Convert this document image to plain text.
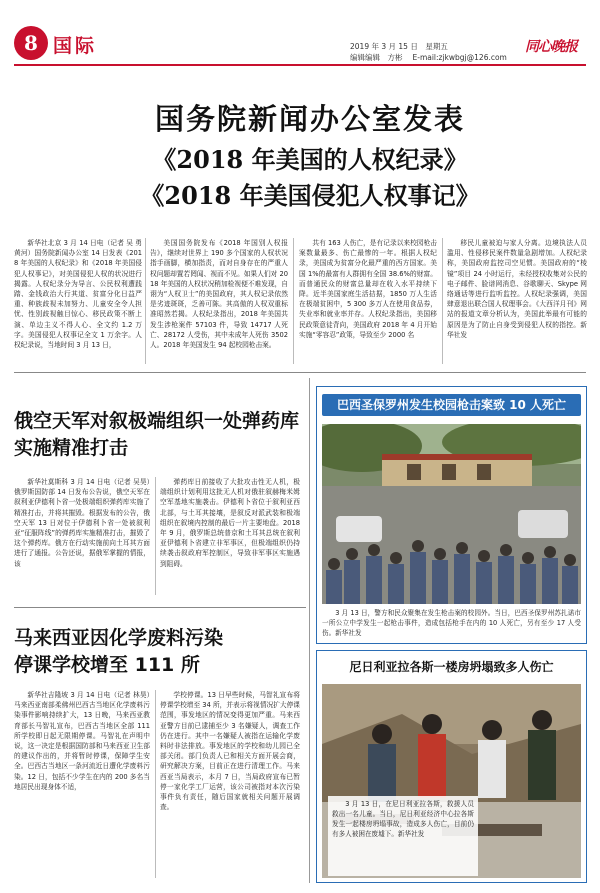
8 国际	2019 年 3 月 15 日　星期五
编辑编辑　方彬 E-mail:zjkwbgj@126.com
同心晚报
国务院新闻办公室发表
《2018 年美国的人权纪录》
《2018 年美国侵犯人权事记》

新华社北京 3 月 14 日电（记者 吴 勇 黄河）国务院新闻办公室 14 日发表《2018 年美国的人权纪录》和《2018 年美国侵犯人权事记》，对美国侵犯人权的状况进行揭露。人权纪录分为导言、公民权利遭践踏、金钱政治大行其道、贫富分化日益严重、种族歧视未加努力、儿童安全令人担忧、性别歧视触目惊心、移民政策不断上演、单边主义不得人心、全文约 1.2 万字。美国侵犯人权事记全文 1 万余字。人权纪录说，当地时间 3 月 13 日，

美国国务院发布《2018 年国别人权报告》，继续对世界上 190 多个国家的人权状况指手画脚，横加指责，而对自身存在的严重人权问题却置若罔闻、视而不见。如果人们对 2018 年美国的人权状况稍加检视便不难发现，自诩为“人权卫士”的美国政府，其人权记录依然是劣迹斑斑，乏善可陈。其高傲的人权双重标准昭然若揭。人权纪录指出，2018 年美国共发生涉枪案件 57103 件，导致 14717 人死亡、28172 人受伤，其中未成年人死伤 3502 人。2018 年美国发生 94 起校园枪击案。

共有 163 人伤亡，是有记录以来校园枪击案数量最多、伤亡最惨的一年。根据人权纪录，美国成为贫富分化最严重的西方国家。美国 1%的最富有人群拥有全国 38.6%的财富。而普通民众的财富总量却在收入水平持续下降。近半美国家庭生活拮据，1850 万人生活在极端贫困中，5 300 多万人在使用食品券，失业率和就业率并存。人权纪录指出，美国移民政策意徒背向，美国政府 2018 年 4 月开始实施“零容忍”政策，导致至少 2000 名

移民儿童被迫与家人分离。边境执法人员滥用、性侵移民案件数量急剧增加。人权纪录称，美国政府监控司空见惯。美国政府的“棱镜”项目 24 小时运行，未经授权收集对公民的电子邮件、脸谱网消息、谷歌聊天、Skype 网络通话等进行监听监控。人权纪录强调，美国肆意退出联合国人权理事会。《大西洋月刊》网站的报道文章分析认为，美国此举最有可能的原因是为了防止自身受到侵犯人权的指控。新华社发

俄空天军对叙极端组织一处弹药库
实施精准打击

新华社莫斯科 3 月 14 日电（记者 吴昊）俄罗斯国防部 14 日发布公告说，俄空天军在叙利亚伊德利卜省一处极端组织弹药库实施了精准打击，并将其摧毁。根据发布的公告，俄空天军 13 日对位于伊德利卜省一处被叙利亚“征服阵线”的弹药库实施精准打击，摧毁了这个弹药库。俄方在行动实施前向土耳其方面进行了通报。公告还说，据俄军掌握的情报，该

弹药库日前接收了大批攻击性无人机，极端组织计划利用这批无人机对俄驻叙赫梅米姆空军基地实施袭击。伊德利卜省位于叙利亚西北部，与土耳其接壤，是叙反对派武装和极端组织在叙境内控制的最后一片主要地盘。2018 年 9 月，俄罗斯总统普京和土耳其总统在叙利亚伊德利卜省建立非军事区，但极端组织仍持续袭击叙政府军控制区，导致非军事区实施遇到阻碍。

马来西亚因化学废料污染
停课学校增至 111 所

新华社吉隆坡 3 月 14 日电（记者 林昊）马来西亚南部柔佛州巴西古当地区化学废料污染事件影响持续扩大，13 日晚，马来西亚教育部长马智礼宣布，巴西古当地区全部 111 所学校即日起无限期停课。马智礼在声明中说，这一决定是根据国防部和马来西亚卫生部的建议作出的，并将暂时停课，保障学生安全。巴西古当地区一条河流近日遭化学废料污染。12 日，包括不少学生在内的 200 多名当地居民出现身体不适，

学校停课。13 日早些时候，马智礼宣布将停课学校增至 34 所，并表示将视情况扩大停课范围，事发地区的情况变得更加严重。马来西亚警方目前已逮捕至少 3 名嫌疑人，调查工作仍在进行。其中一名嫌疑人被指在运输化学废料时非法排放。事发地区的学校和幼儿园已全部关闭。部门负责人已和相关方面开展会商，研究解决方案，目前正在进行清理工作。马来西亚当局表示，本月 7 日，当局政府宣布已暂停一家化学工厂运营，该公司被指对本次污染事件负有责任，随后国家就相关问题开展调查。

巴西圣保罗州发生校园枪击案致 10 人死亡
3 月 13 日，警方和民众聚集在发生枪击案的校园外。当日，巴西圣保罗州苏扎诺市一所公立中学发生一起枪击事件，造成包括枪手在内的 10 人死亡，另有至少 17 人受伤。新华社发
尼日利亚拉各斯一楼房坍塌致多人伤亡
3 月 13 日，在尼日利亚拉各斯，救援人员救出一名儿童。当日，尼日利亚经济中心拉各斯发生一起楼房坍塌事故，造成多人伤亡，目前仍有多人被困在废墟下。新华社发
